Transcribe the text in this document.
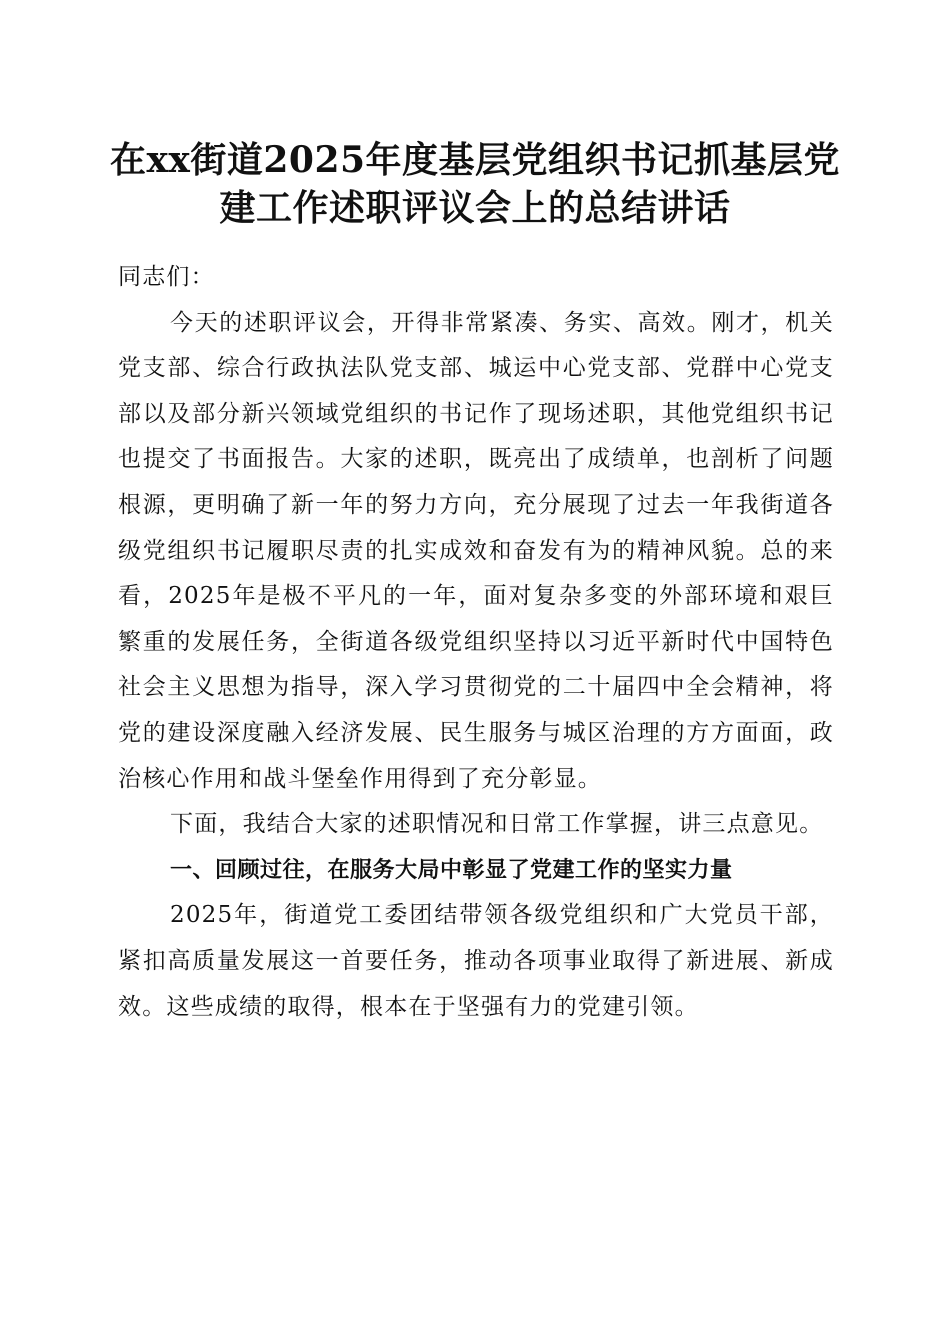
在xx街道2025年度基层党组织书记抓基层党
建工作述职评议会上的总结讲话

同志们：

今天的述职评议会，开得非常紧凑、务实、高效。刚才，机关党支部、综合行政执法队党支部、城运中心党支部、党群中心党支部以及部分新兴领域党组织的书记作了现场述职，其他党组织书记也提交了书面报告。大家的述职，既亮出了成绩单，也剖析了问题根源，更明确了新一年的努力方向，充分展现了过去一年我街道各级党组织书记履职尽责的扎实成效和奋发有为的精神风貌。总的来看，2025年是极不平凡的一年，面对复杂多变的外部环境和艰巨繁重的发展任务，全街道各级党组织坚持以习近平新时代中国特色社会主义思想为指导，深入学习贯彻党的二十届四中全会精神，将党的建设深度融入经济发展、民生服务与城区治理的方方面面，政治核心作用和战斗堡垒作用得到了充分彰显。

下面，我结合大家的述职情况和日常工作掌握，讲三点意见。

一、回顾过往，在服务大局中彰显了党建工作的坚实力量

2025年，街道党工委团结带领各级党组织和广大党员干部，紧扣高质量发展这一首要任务，推动各项事业取得了新进展、新成效。这些成绩的取得，根本在于坚强有力的党建引领。
